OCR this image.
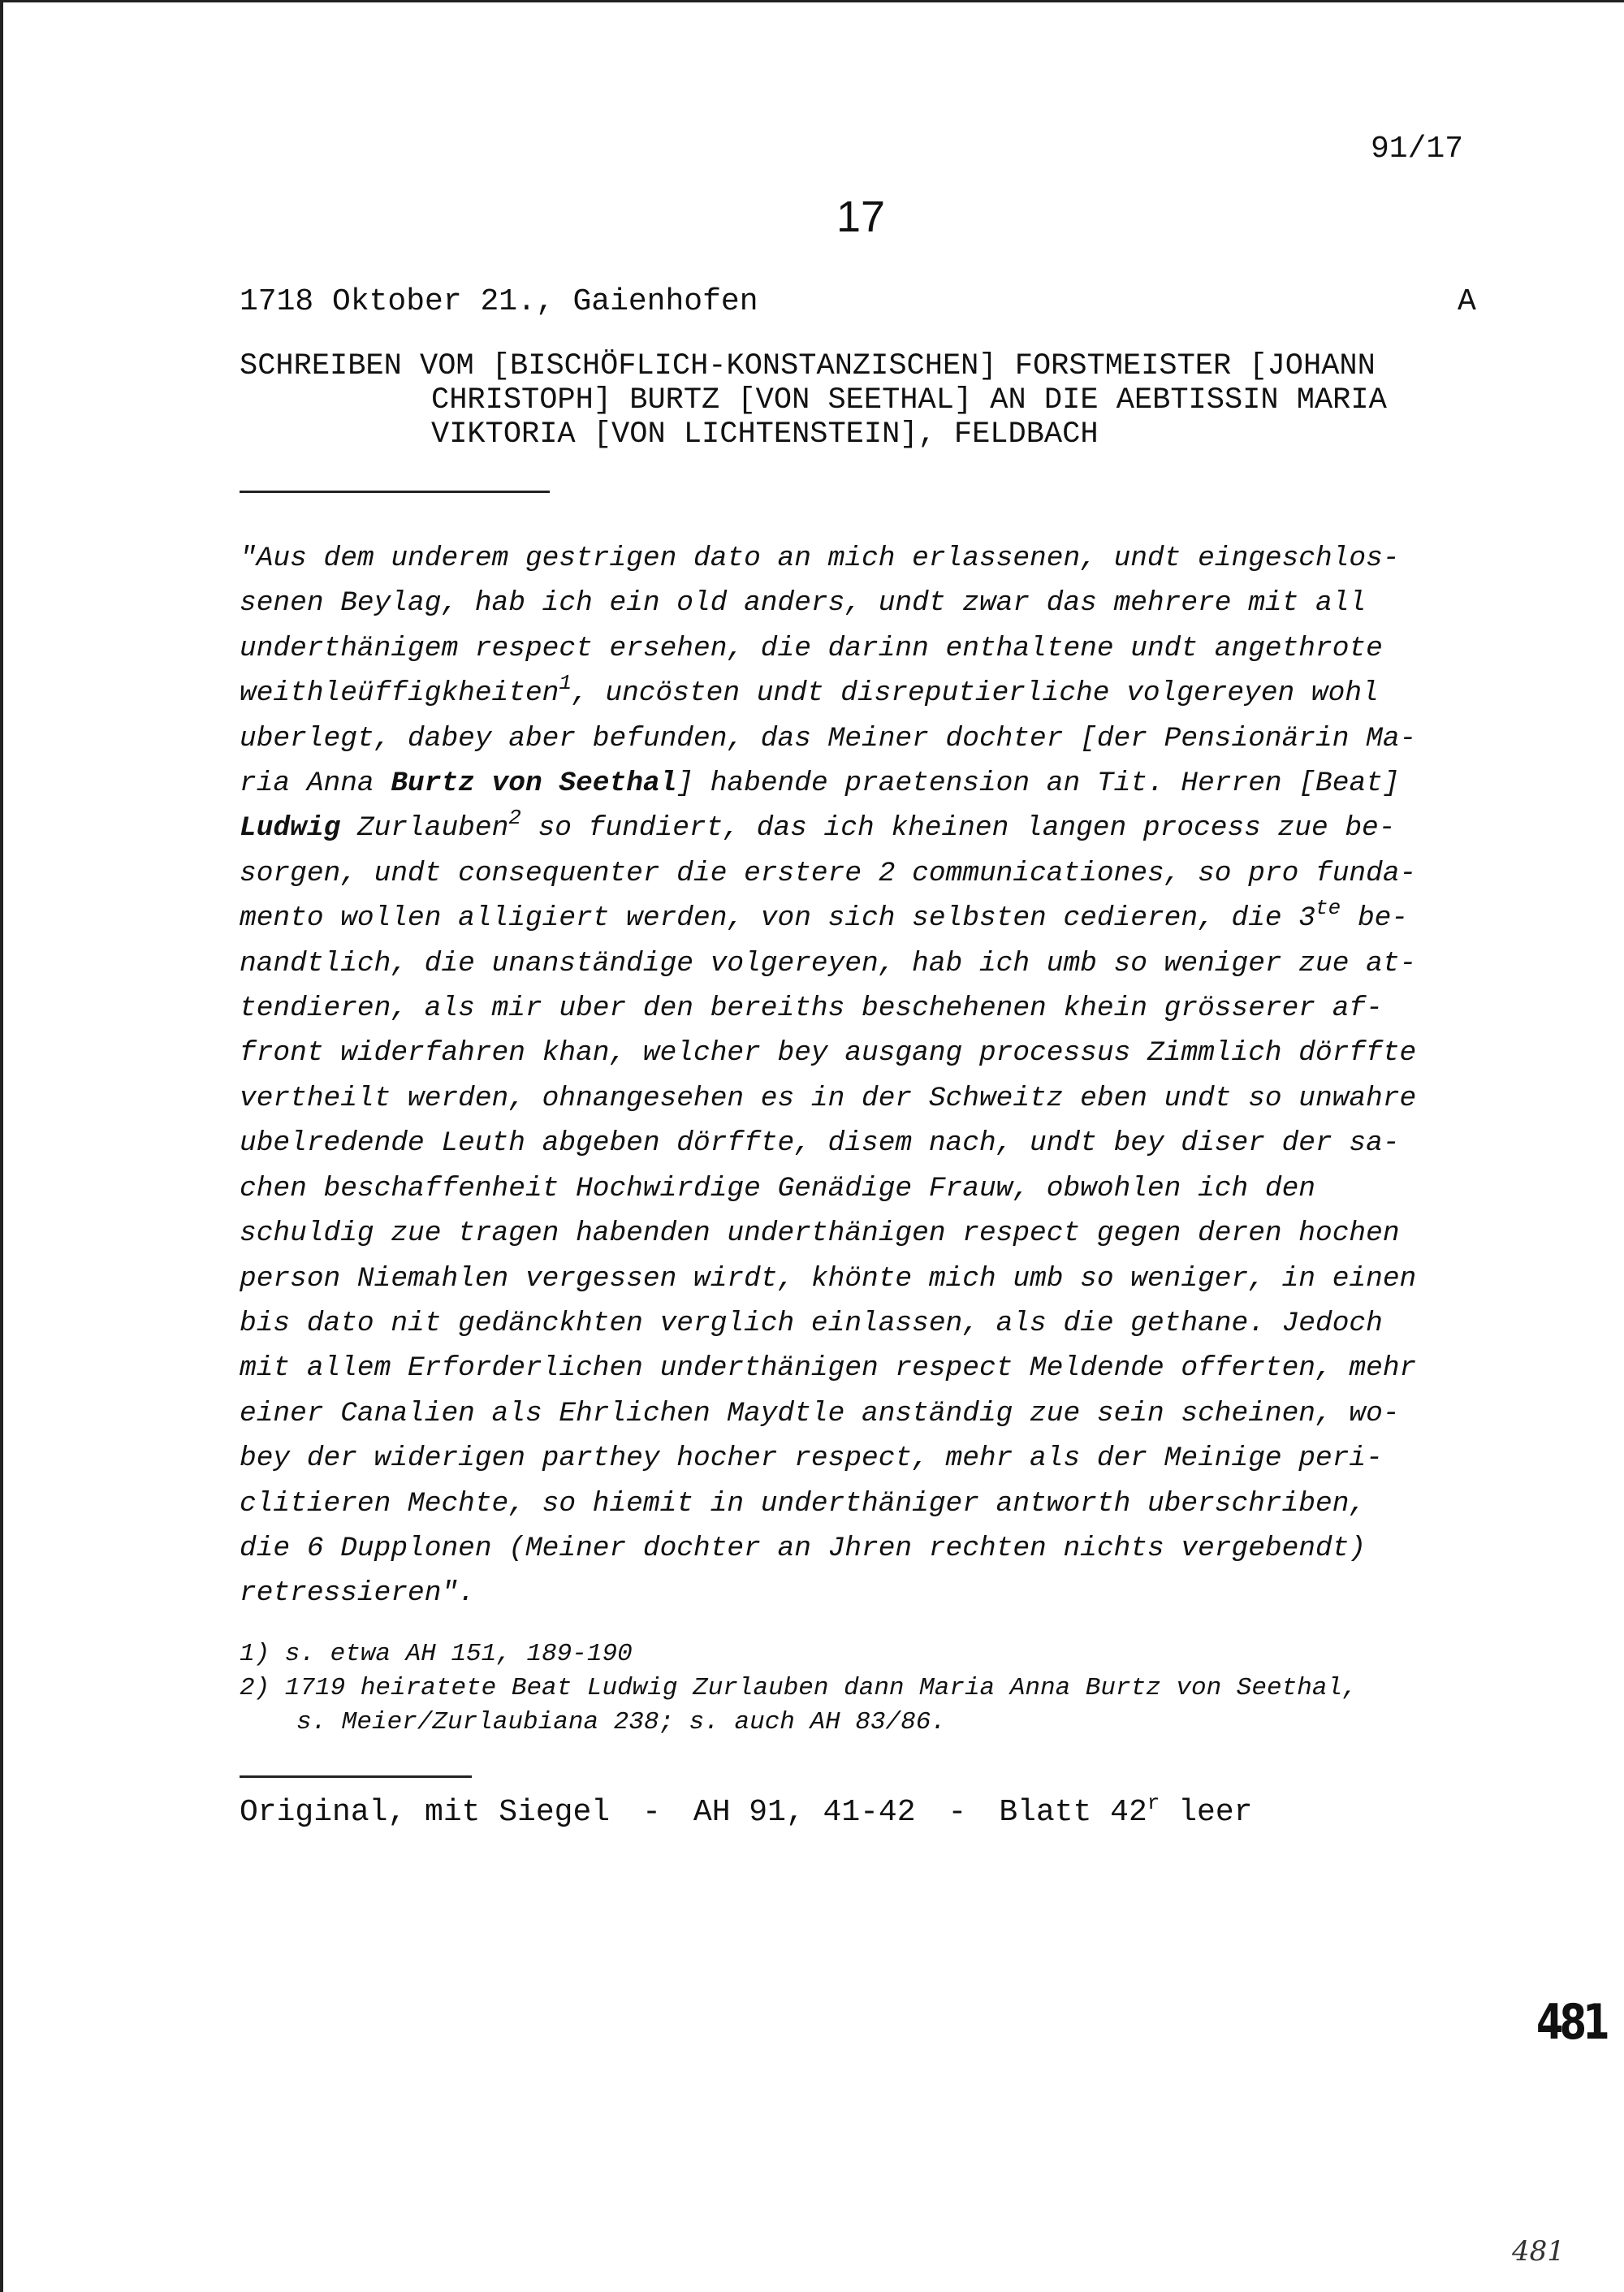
91/17
17
1718 Oktober 21., Gaienhofen	A
SCHREIBEN VOM [BISCHÖFLICH-KONSTANZISCHEN] FORSTMEISTER [JOHANN
CHRISTOPH] BURTZ [VON SEETHAL] AN DIE AEBTISSIN MARIA
VIKTORIA [VON LICHTENSTEIN], FELDBACH
"Aus dem underem gestrigen dato an mich erlassenen, undt eingeschlos-
senen Beylag, hab ich ein old anders, undt zwar das mehrere mit all
underthänigem respect ersehen, die darinn enthaltene undt angethrote
weithleüffigkheiten$^1$, uncösten undt disreputierliche volgereyen wohl
uberlegt, dabey aber befunden, das Meiner dochter [der Pensionärin Ma-
ria Anna Burtz von Seethal] habende praetension an Tit. Herren [Beat]
Ludwig Zurlauben$^2$ so fundiert, das ich kheinen langen process zue be-
sorgen, undt consequenter die erstere 2 communicationes, so pro funda-
mento wollen alligiert werden, von sich selbsten cedieren, die $3^{te}$ be-
nandtlich, die unanständige volgereyen, hab ich umb so weniger zue at-
tendieren, als mir uber den bereiths beschehenen khein grösserer af-
front widerfahren khan, welcher bey ausgang processus Zimmlich dörffte
vertheilt werden, ohnangesehen es in der Schweitz eben undt so unwahre
ubelredende Leuth abgeben dörffte, disem nach, undt bey diser der sa-
chen beschaffenheit Hochwirdige Genädige Frauw, obwohlen ich den
schuldig zue tragen habenden underthänigen respect gegen deren hochen
person Niemahlen vergessen wirdt, khönte mich umb so weniger, in einen
bis dato nit gedänckhten verglich einlassen, als die gethane. Jedoch
mit allem Erforderlichen underthänigen respect Meldende offerten, mehr
einer Canalien als Ehrlichen Maydtle anständig zue sein scheinen, wo-
bey der widerigen parthey hocher respect, mehr als der Meinige peri-
clitieren Mechte, so hiemit in underthäniger antworth uberschriben,
die 6 Dupplonen (Meiner dochter an Jhren rechten nichts vergebendt)
retressieren".
1) s. etwa AH 151, 189-190
2) 1719 heiratete Beat Ludwig Zurlauben dann Maria Anna Burtz von Seethal,
s. Meier/Zurlaubiana 238; s. auch AH 83/86.
Original, mit Siegel - AH 91, 41-42 - Blatt 42$^r$ leer
481
481
